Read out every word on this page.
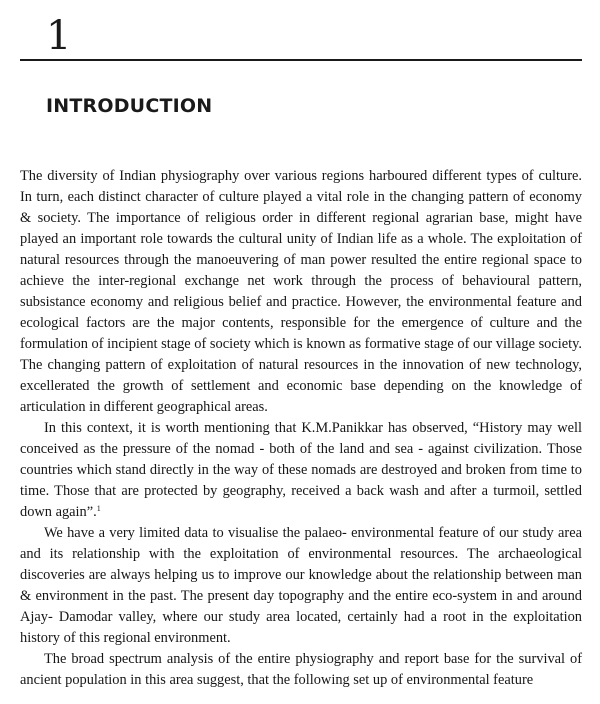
1
INTRODUCTION

The diversity of Indian physiography over various regions harboured different types of culture. In turn, each distinct character of culture played a vital role in the changing pattern of economy & society. The importance of religious order in different regional agrarian base, might have played an important role towards the cultural unity of Indian life as a whole. The exploitation of natural resources through the manoeuvering of man power resulted the entire regional space to achieve the inter-regional exchange net work through the process of behavioural pattern, subsistance economy and religious belief and practice. However, the environmental feature and ecological factors are the major contents, responsible for the emergence of culture and the formulation of incipient stage of society which is known as formative stage of our village society. The changing pattern of exploitation of natural resources in the innovation of new technology, excellerated the growth of settlement and economic base depending on the knowledge of articulation in different geographical areas.

In this context, it is worth mentioning that K.M.Panikkar has observed, “History may well conceived as the pressure of the nomad - both of the land and sea - against civilization. Those countries which stand directly in the way of these nomads are destroyed and broken from time to time. Those that are protected by geography, received a back wash and after a turmoil, settled down again”.$^1$

We have a very limited data to visualise the palaeo- environmental feature of our study area and its relationship with the exploitation of environmental resources. The archaeological discoveries are always helping us to improve our knowledge about the relationship between man & environment in the past. The present day topography and the entire eco-system in and around Ajay- Damodar valley, where our study area located, certainly had a root in the exploitation history of this regional environment.

The broad spectrum analysis of the entire physiography and report base for the survival of ancient population in this area suggest, that the following set up of environmental feature
